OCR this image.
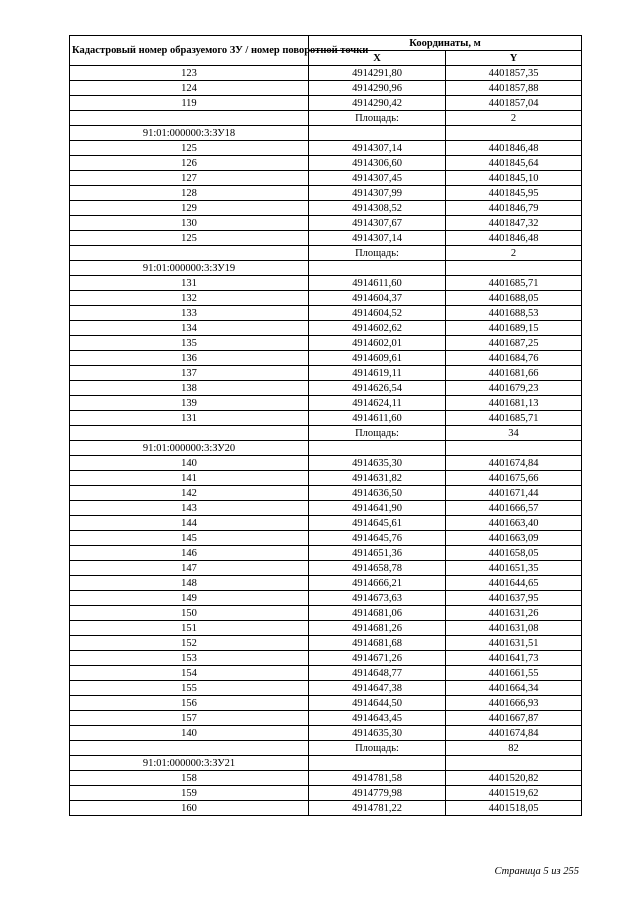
Кадастровый номер образуемого ЗУ / номер поворотной точки	Координаты, м	
	X	Y
123	4914291,80	4401857,35
124	4914290,96	4401857,88
119	4914290,42	4401857,04
	Площадь:	2
91:01:000000:3:ЗУ18		
125	4914307,14	4401846,48
126	4914306,60	4401845,64
127	4914307,45	4401845,10
128	4914307,99	4401845,95
129	4914308,52	4401846,79
130	4914307,67	4401847,32
125	4914307,14	4401846,48
	Площадь:	2
91:01:000000:3:ЗУ19		
131	4914611,60	4401685,71
132	4914604,37	4401688,05
133	4914604,52	4401688,53
134	4914602,62	4401689,15
135	4914602,01	4401687,25
136	4914609,61	4401684,76
137	4914619,11	4401681,66
138	4914626,54	4401679,23
139	4914624,11	4401681,13
131	4914611,60	4401685,71
	Площадь:	34
91:01:000000:3:ЗУ20		
140	4914635,30	4401674,84
141	4914631,82	4401675,66
142	4914636,50	4401671,44
143	4914641,90	4401666,57
144	4914645,61	4401663,40
145	4914645,76	4401663,09
146	4914651,36	4401658,05
147	4914658,78	4401651,35
148	4914666,21	4401644,65
149	4914673,63	4401637,95
150	4914681,06	4401631,26
151	4914681,26	4401631,08
152	4914681,68	4401631,51
153	4914671,26	4401641,73
154	4914648,77	4401661,55
155	4914647,38	4401664,34
156	4914644,50	4401666,93
157	4914643,45	4401667,87
140	4914635,30	4401674,84
	Площадь:	82
91:01:000000:3:ЗУ21		
158	4914781,58	4401520,82
159	4914779,98	4401519,62
160	4914781,22	4401518,05
Страница 5 из 255
